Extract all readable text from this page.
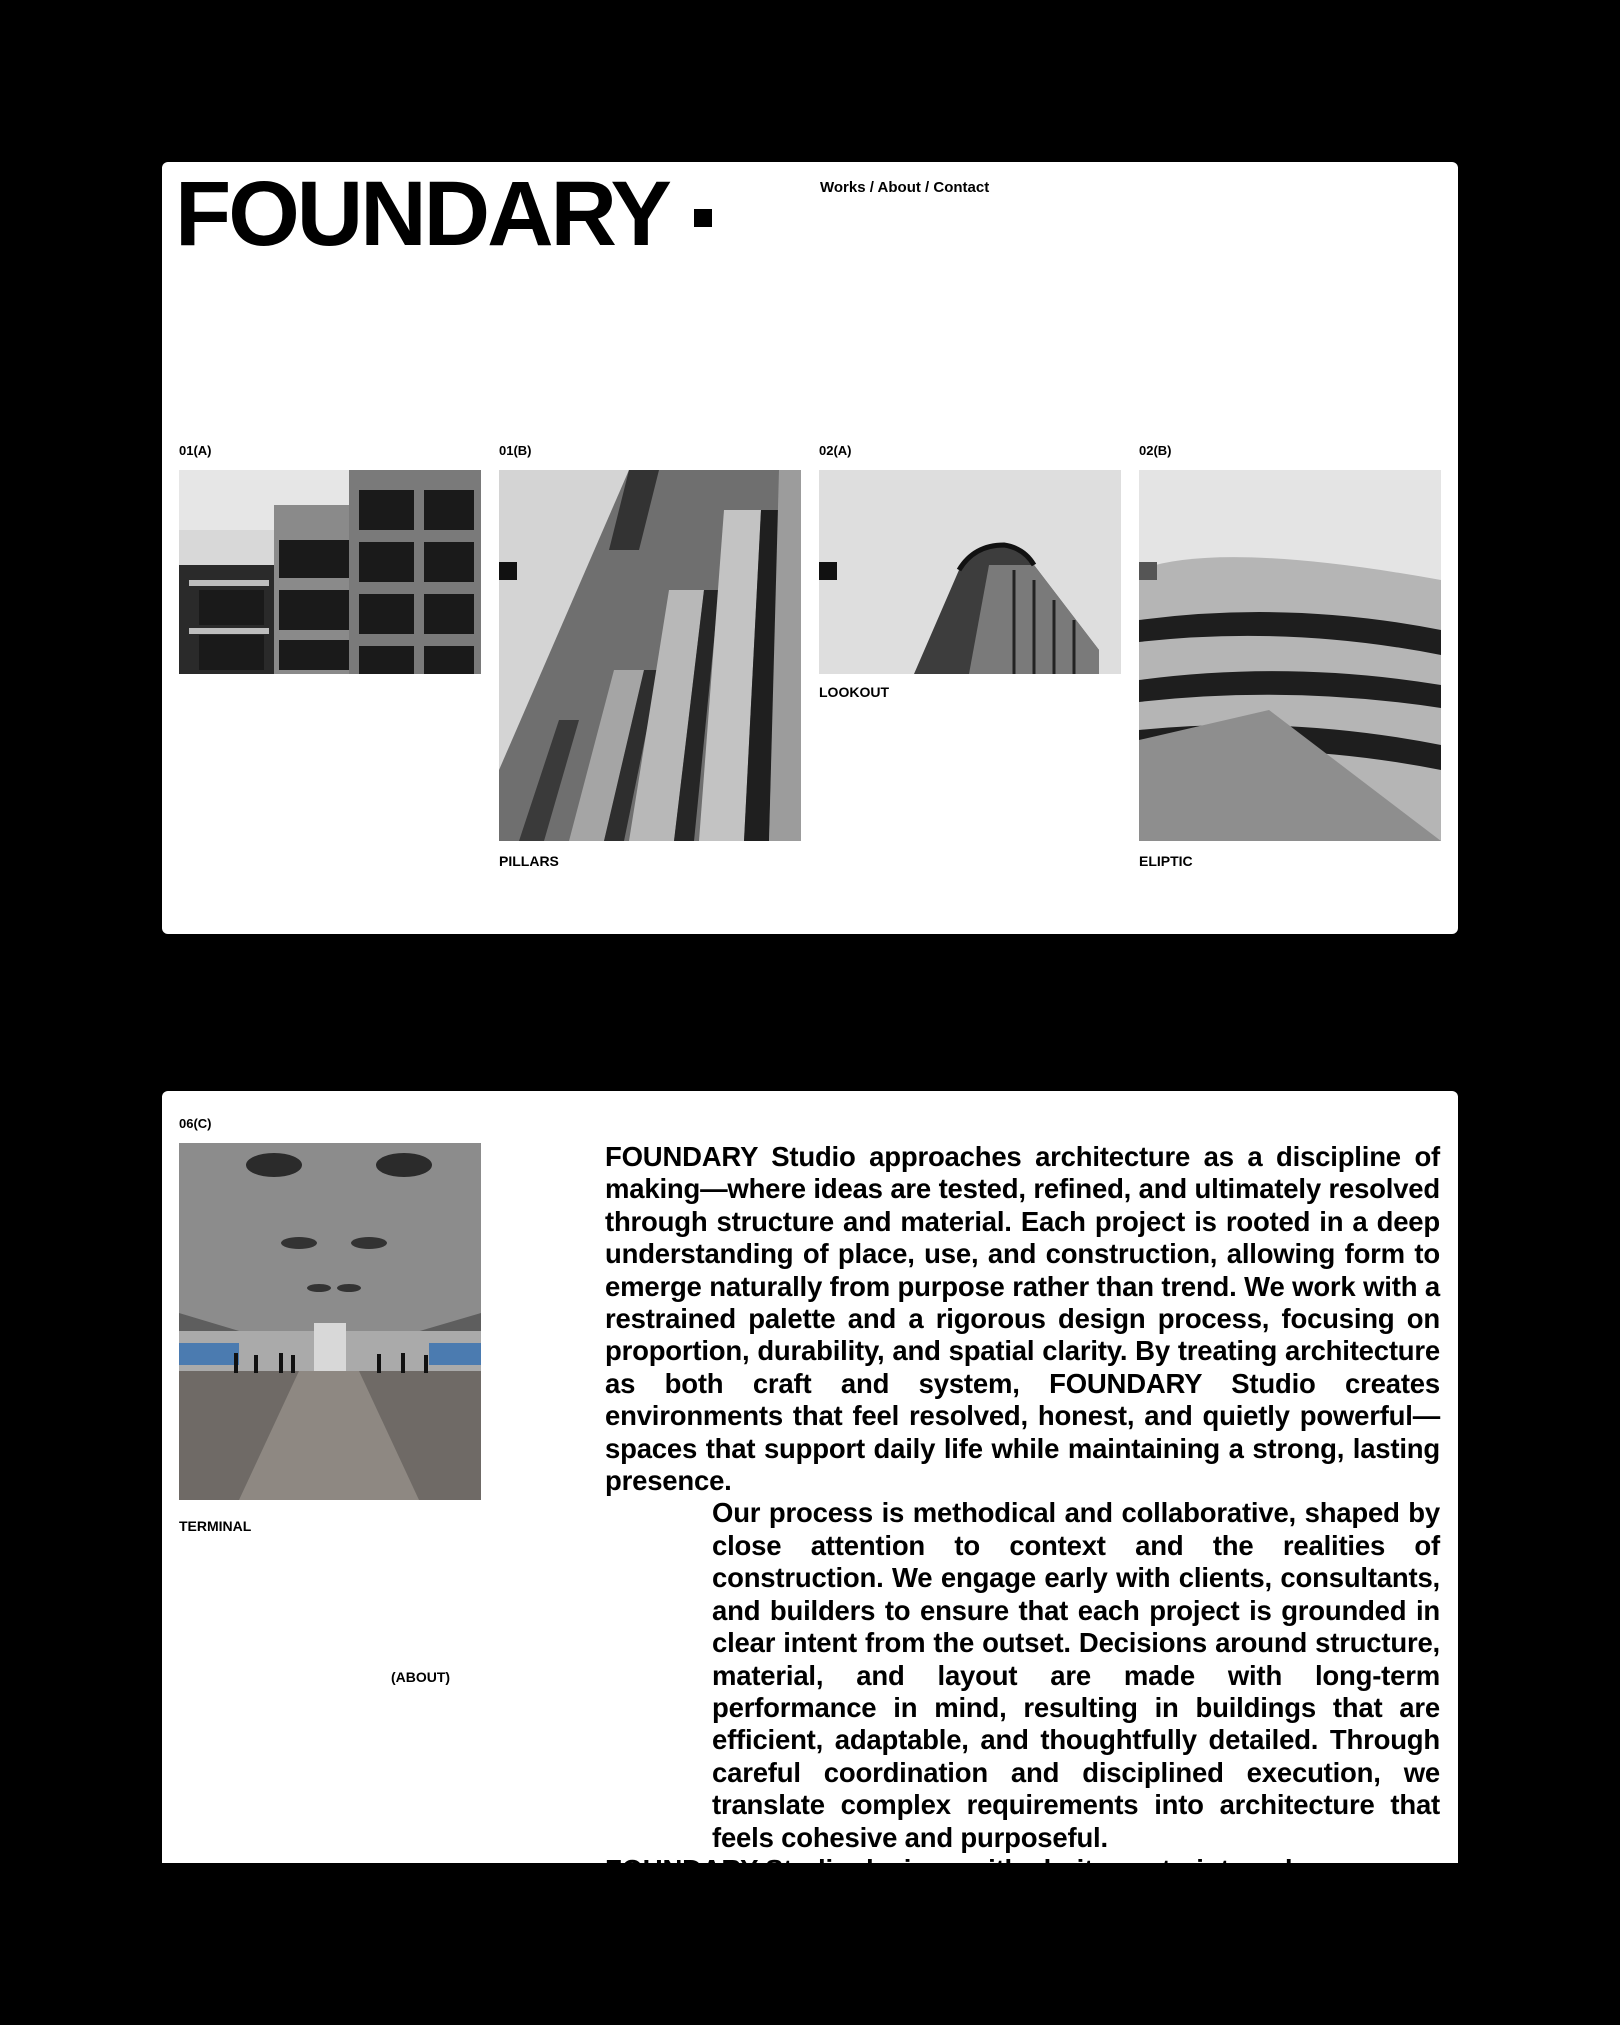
FOUNDARY	Works / About / Contact
01(A)	01(B)
PILLARS
02(A)
LOOKOUT
02(B)
ELIPTIC
06(C)
TERMINAL
(ABOUT)

FOUNDARY Studio approaches architecture as a discipline of making—where ideas are tested, refined, and ultimately resolved through structure and material. Each project is rooted in a deep understanding of place, use, and construction, allowing form to emerge naturally from purpose rather than trend. We work with a restrained palette and a rigorous design process, focusing on proportion, durability, and spatial clarity. By treating architecture as both craft and system, FOUNDARY Studio creates environments that feel resolved, honest, and quietly powerful—spaces that support daily life while maintaining a strong, lasting presence.

Our process is methodical and collaborative, shaped by close attention to context and the realities of construction. We engage early with clients, consultants, and builders to ensure that each project is grounded in clear intent from the outset. Decisions around structure, material, and layout are made with long-term performance in mind, resulting in buildings that are efficient, adaptable, and thoughtfully detailed. Through careful coordination and disciplined execution, we translate complex requirements into architecture that feels cohesive and purposeful.

FOUNDARY Studio designs with clarity, restraint, and
